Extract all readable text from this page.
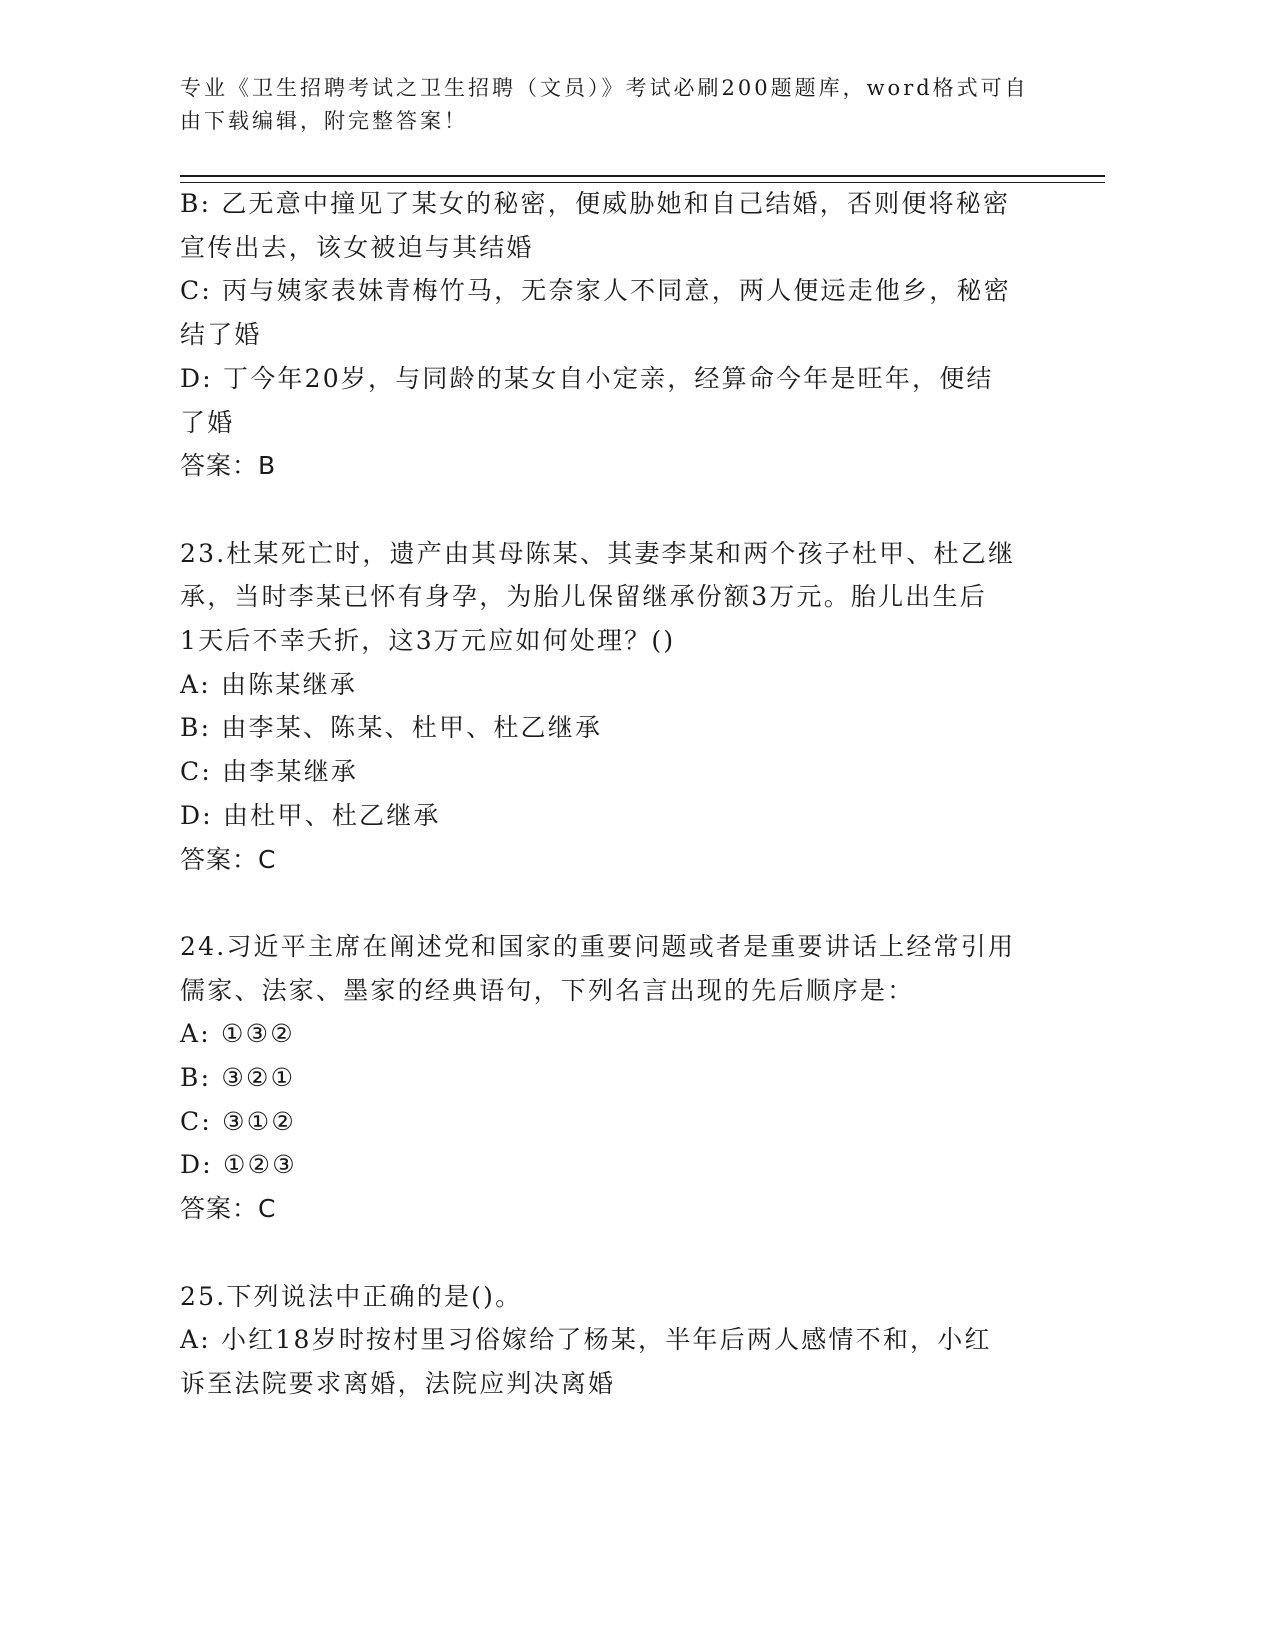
专业《卫生招聘考试之卫生招聘（文员）》考试必刷200题题库，word格式可自
由下载编辑，附完整答案！
B: 乙无意中撞见了某女的秘密，便威胁她和自己结婚，否则便将秘密
宣传出去，该女被迫与其结婚
C: 丙与姨家表妹青梅竹马，无奈家人不同意，两人便远走他乡，秘密
结了婚
D: 丁今年20岁，与同龄的某女自小定亲，经算命今年是旺年，便结
了婚
答案：B
23.杜某死亡时，遗产由其母陈某、其妻李某和两个孩子杜甲、杜乙继
承，当时李某已怀有身孕，为胎儿保留继承份额3万元。胎儿出生后
1天后不幸夭折，这3万元应如何处理？()
A: 由陈某继承
B: 由李某、陈某、杜甲、杜乙继承
C: 由李某继承
D: 由杜甲、杜乙继承
答案：C
24.习近平主席在阐述党和国家的重要问题或者是重要讲话上经常引用
儒家、法家、墨家的经典语句，下列名言出现的先后顺序是：
A: ①③②
B: ③②①
C: ③①②
D: ①②③
答案：C
25.下列说法中正确的是()。
A: 小红18岁时按村里习俗嫁给了杨某，半年后两人感情不和，小红
诉至法院要求离婚，法院应判决离婚
